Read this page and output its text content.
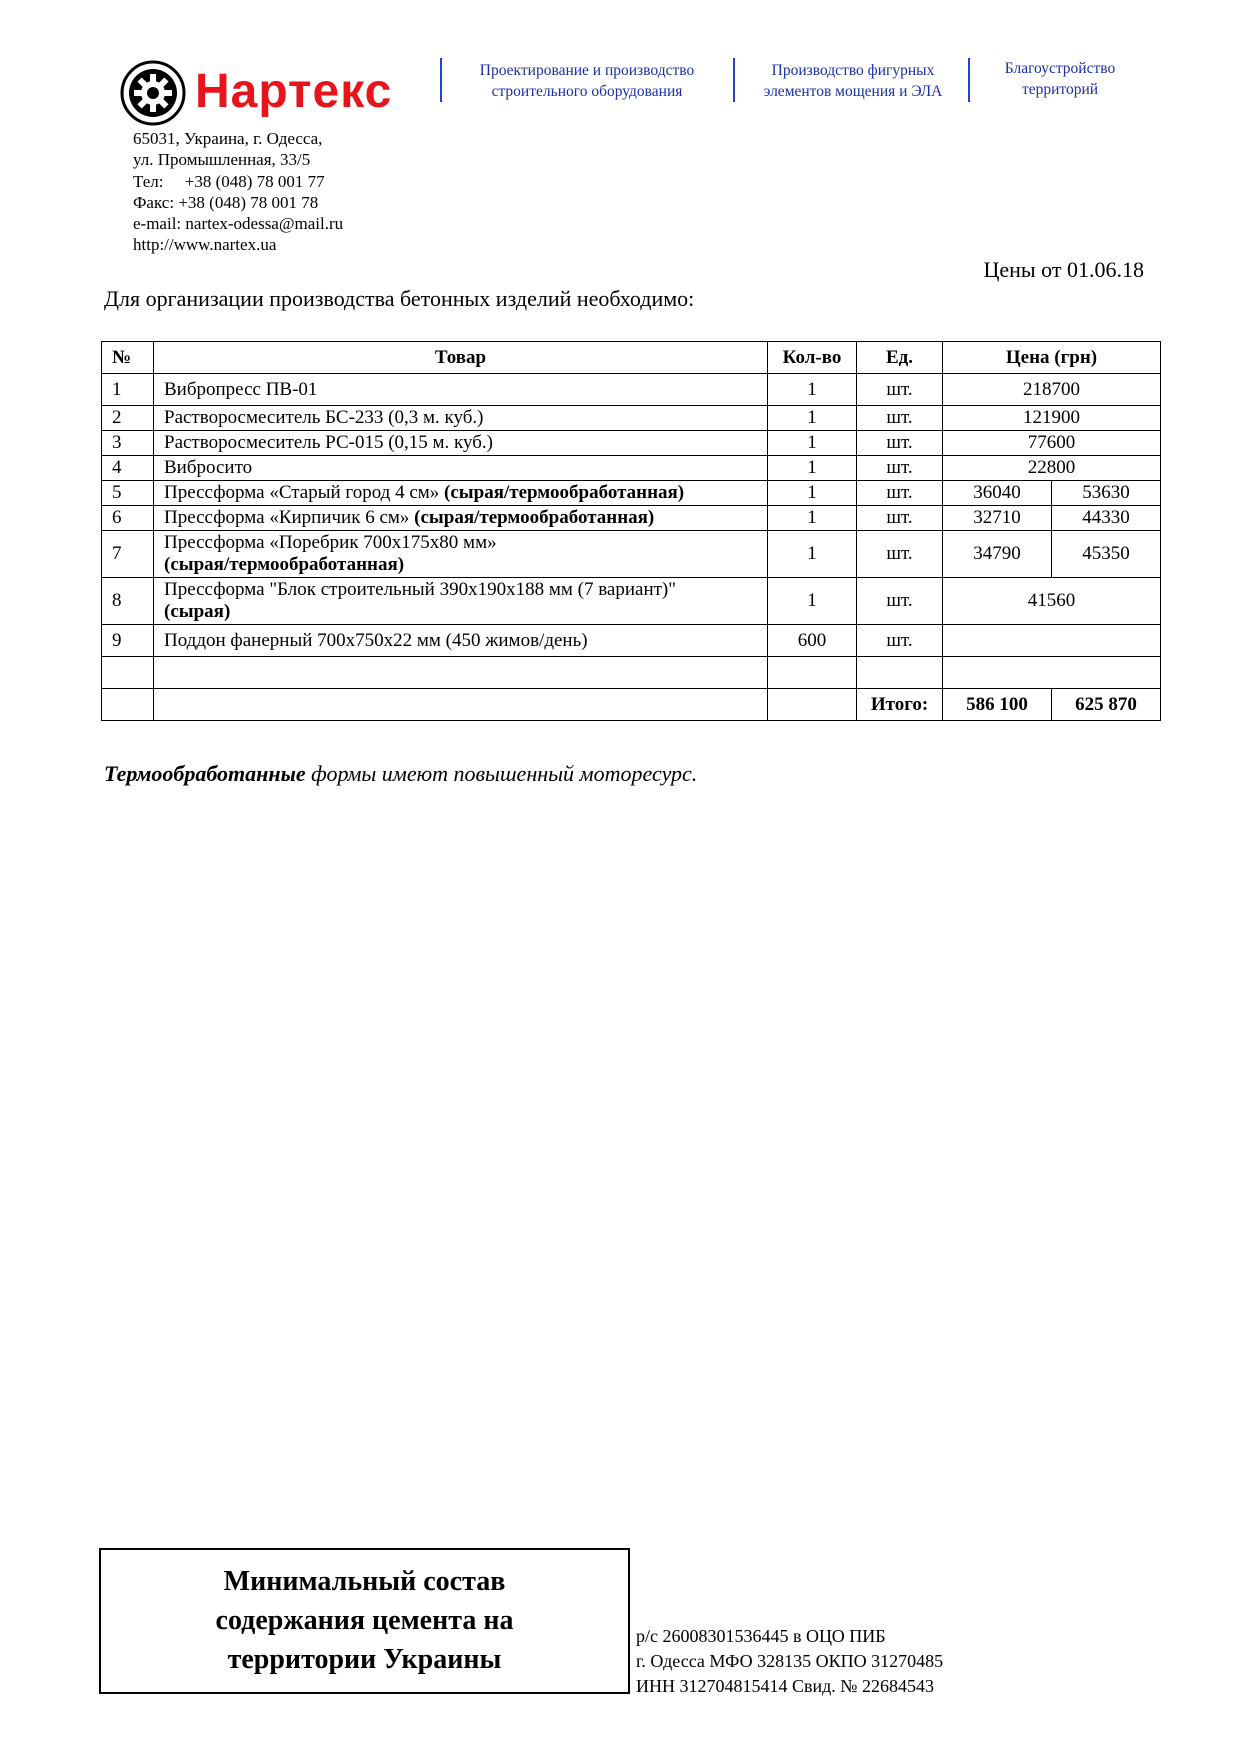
Нартекс	Проектирование и производство
строительного оборудования
Производство фигурных
элементов мощения и ЭЛА
Благоустройство
территорий
65031, Украина, г. Одесса,
ул. Промышленная, 33/5
Тел:     +38 (048) 78 001 77
Факс: +38 (048) 78 001 78
e-mail: nartex-odessa@mail.ru
http://www.nartex.ua
Цены от 01.06.18
Для организации производства бетонных изделий необходимо:
№	Товар	Кол-во	Ед.	Цена (грн)	
1	Вибропресс ПВ-01	1	шт.	218700	
2	Растворосмеситель БС-233 (0,3 м. куб.)	1	шт.	121900	
3	Растворосмеситель РС-015 (0,15 м. куб.)	1	шт.	77600	
4	Вибросито	1	шт.	22800	
5	Прессформа «Старый город 4 см» (сырая/термообработанная)	1	шт.	36040	53630
6	Прессформа «Кирпичик 6 см» (сырая/термообработанная)	1	шт.	32710	44330
7	Прессформа «Поребрик 700х175х80 мм»
(сырая/термообработанная)	1	шт.	34790	45350
8	Прессформа "Блок строительный 390х190х188 мм (7 вариант)"
(сырая)	1	шт.	41560	
9	Поддон фанерный 700х750х22 мм (450 жимов/день)	600	шт.		

			Итого:	586 100	625 870
Термообработанные формы имеют повышенный моторесурс.
Минимальный состав
содержания цемента на
территории Украины
р/с 26008301536445 в ОЦО ПИБ
г. Одесса МФО 328135 ОКПО 31270485
ИНН 312704815414 Свид. № 22684543
